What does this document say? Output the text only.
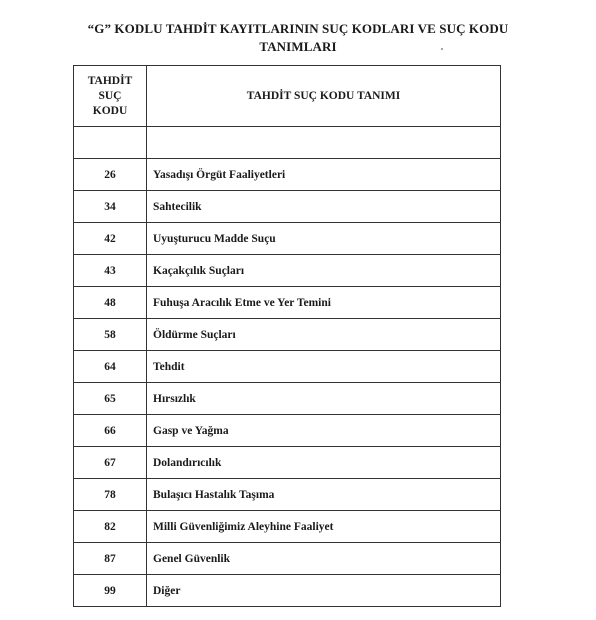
“G” KODLU TAHDİT KAYITLARININ SUÇ KODLARI VE SUÇ KODU
TANIMLARI
TAHDİT SUÇ KODU	TAHDİT SUÇ KODU TANIMI

26	Yasadışı Örgüt Faaliyetleri
34	Sahtecilik
42	Uyuşturucu Madde Suçu
43	Kaçakçılık Suçları
48	Fuhuşa Aracılık Etme ve Yer Temini
58	Öldürme Suçları
64	Tehdit
65	Hırsızlık
66	Gasp ve Yağma
67	Dolandırıcılık
78	Bulaşıcı Hastalık Taşıma
82	Milli Güvenliğimiz Aleyhine Faaliyet
87	Genel Güvenlik
99	Diğer
